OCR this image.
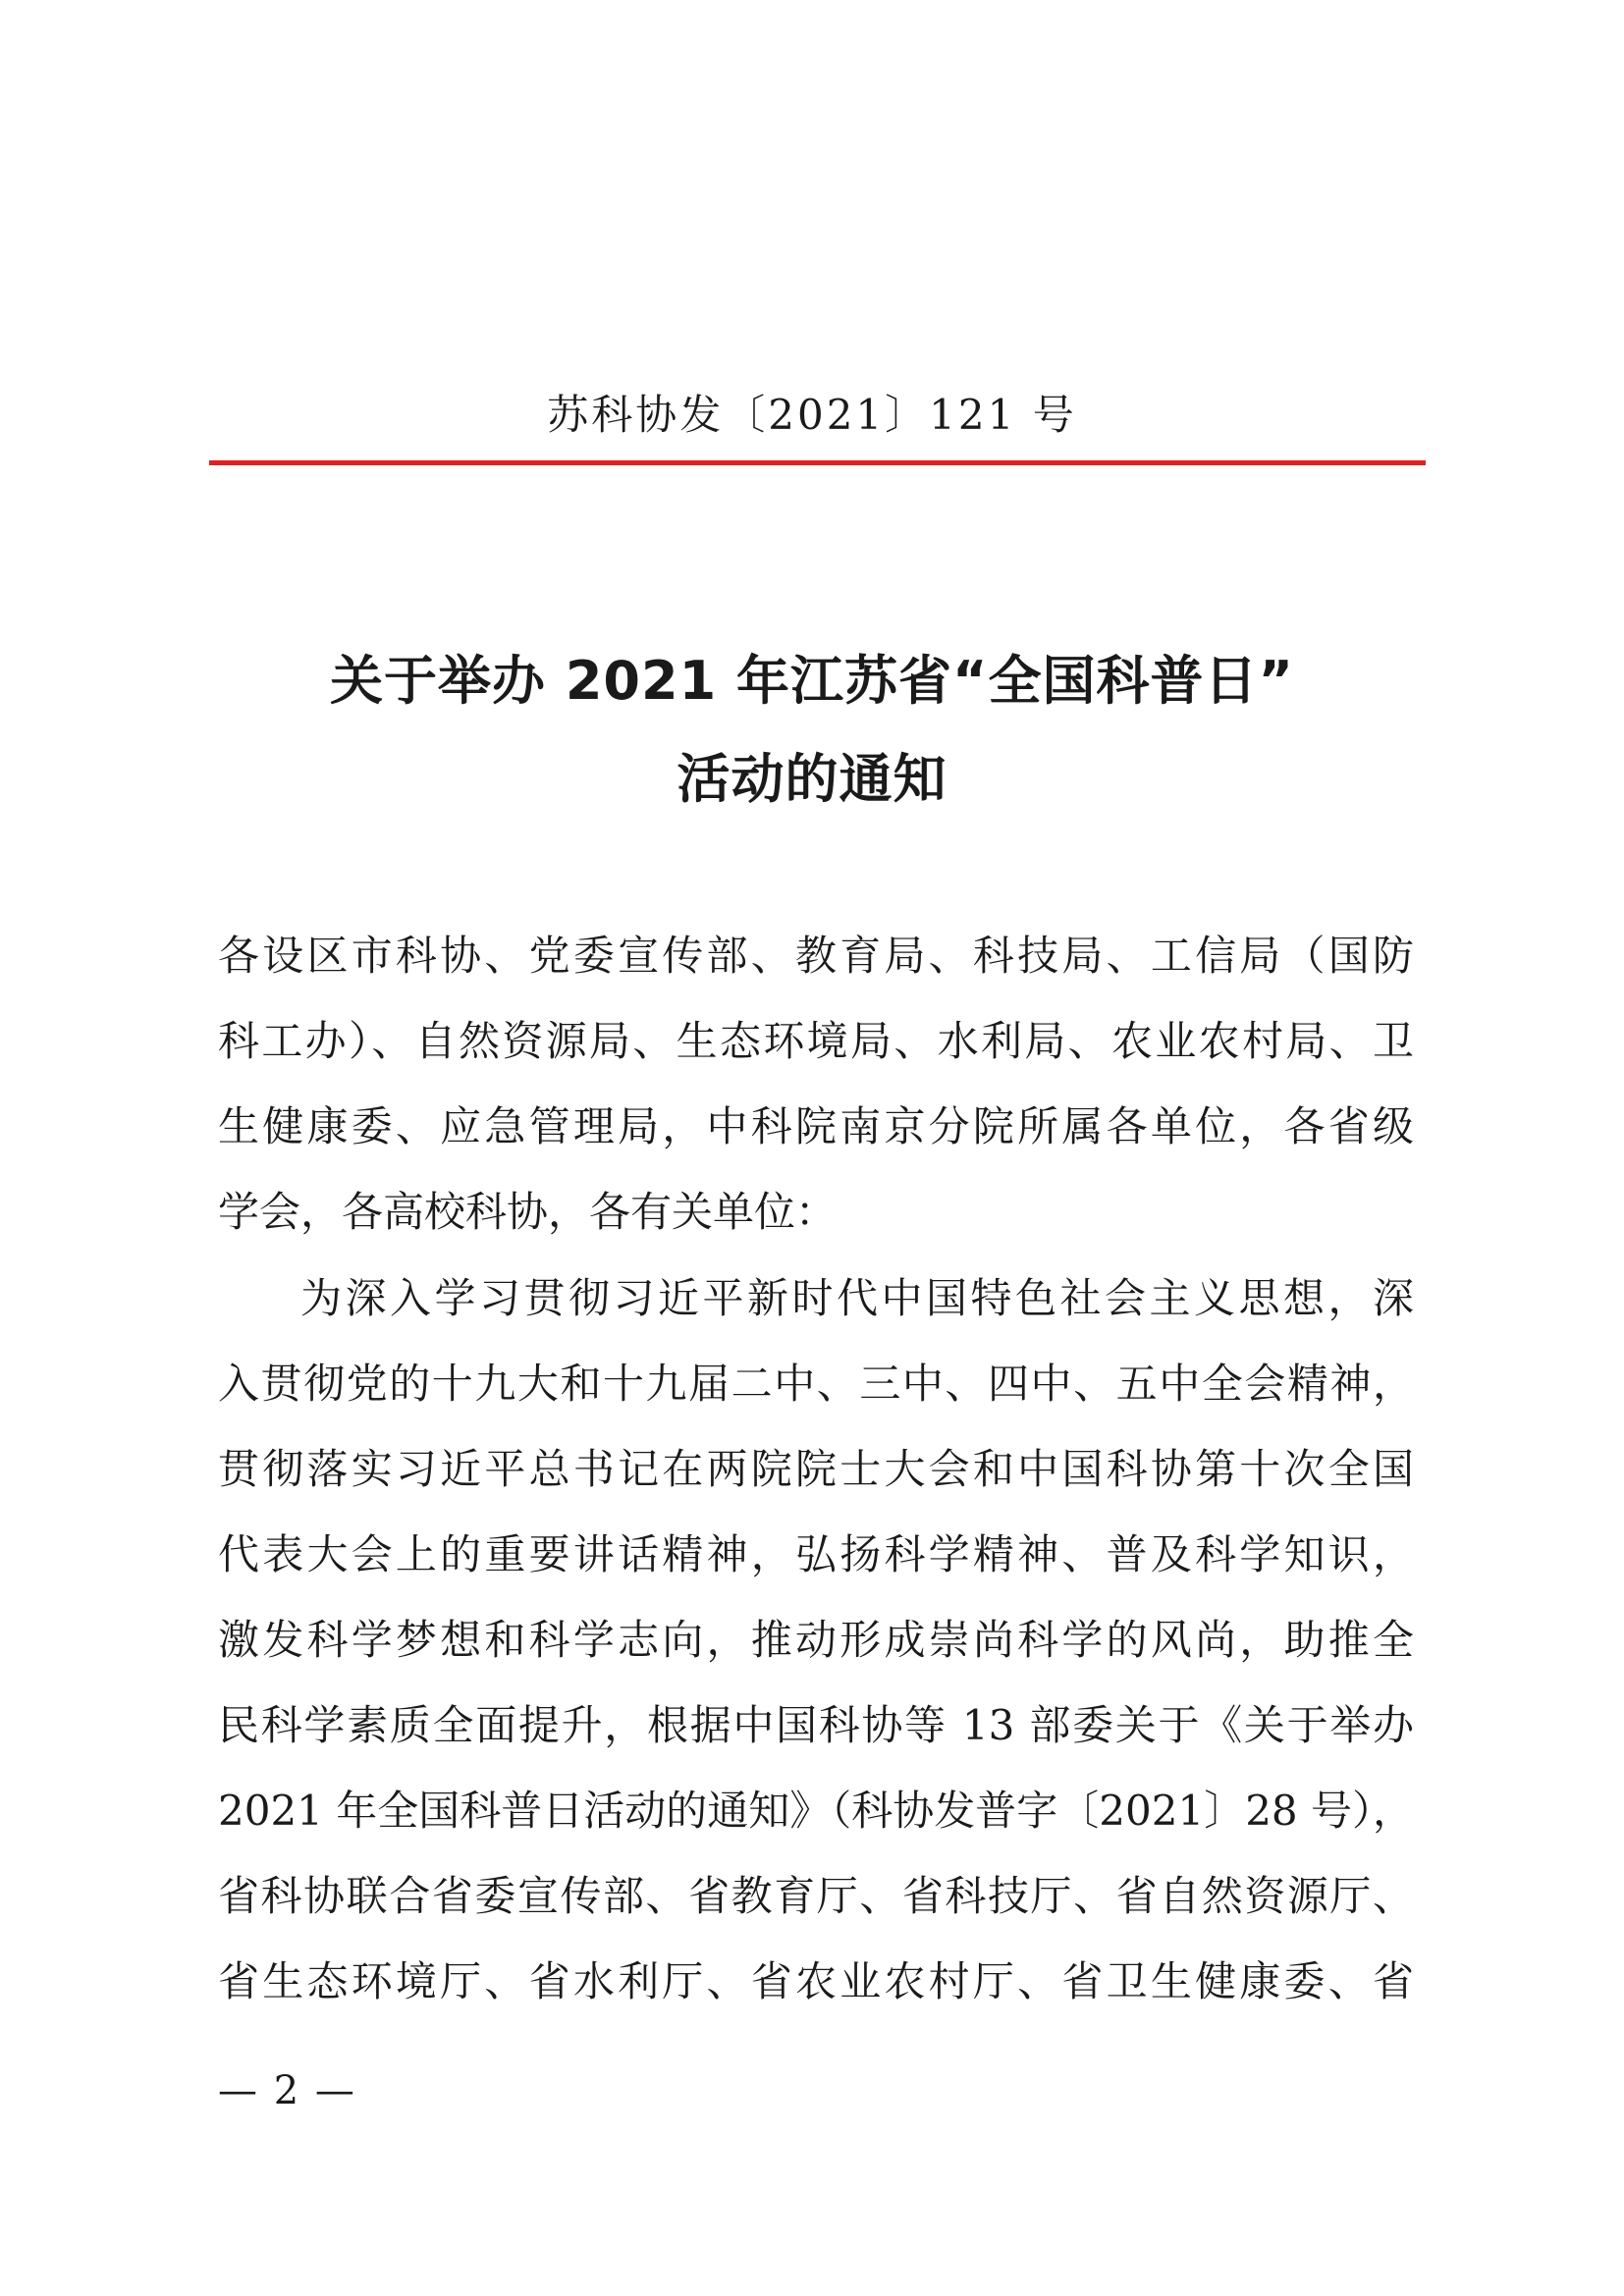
苏科协发〔2021〕121 号
关于举办 2021 年江苏省“全国科普日”
活动的通知
各设区市科协、党委宣传部、教育局、科技局、工信局（国防
科工办）、自然资源局、生态环境局、水利局、农业农村局、卫
生健康委、应急管理局，中科院南京分院所属各单位，各省级
学会，各高校科协，各有关单位：
为深入学习贯彻习近平新时代中国特色社会主义思想，深
入贯彻党的十九大和十九届二中、三中、四中、五中全会精神，
贯彻落实习近平总书记在两院院士大会和中国科协第十次全国
代表大会上的重要讲话精神，弘扬科学精神、普及科学知识，
激发科学梦想和科学志向，推动形成崇尚科学的风尚，助推全
民科学素质全面提升，根据中国科协等 13 部委关于《关于举办
2021 年全国科普日活动的通知》（科协发普字〔2021〕28 号），
省科协联合省委宣传部、省教育厅、省科技厅、省自然资源厅、
省生态环境厅、省水利厅、省农业农村厅、省卫生健康委、省
— 2 —
